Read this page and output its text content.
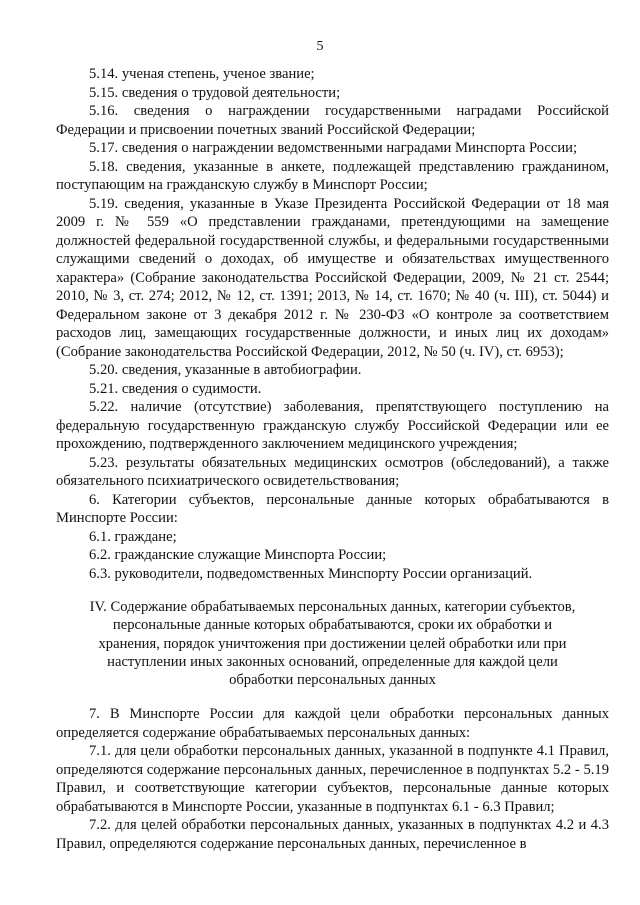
5

5.14. ученая степень, ученое звание;

5.15. сведения о трудовой деятельности;

5.16. сведения о награждении государственными наградами Российской Федерации и присвоении почетных званий Российской Федерации;

5.17. сведения о награждении ведомственными наградами Минспорта России;

5.18. сведения, указанные в анкете, подлежащей представлению гражданином, поступающим на гражданскую службу в Минспорт России;

5.19. сведения, указанные в Указе Президента Российской Федерации от 18 мая 2009 г. № 559 «О представлении гражданами, претендующими на замещение должностей федеральной государственной службы, и федеральными государственными служащими сведений о доходах, об имуществе и обязательствах имущественного характера» (Собрание законодательства Российской Федерации, 2009, № 21 ст. 2544; 2010, № 3, ст. 274; 2012, № 12, ст. 1391; 2013, № 14, ст. 1670; № 40 (ч. III), ст. 5044) и Федеральном законе от 3 декабря 2012 г. № 230-ФЗ «О контроле за соответствием расходов лиц, замещающих государственные должности, и иных лиц их доходам» (Собрание законодательства Российской Федерации, 2012, № 50 (ч. IV), ст. 6953);

5.20. сведения, указанные в автобиографии.

5.21. сведения о судимости.

5.22. наличие (отсутствие) заболевания, препятствующего поступлению на федеральную государственную гражданскую службу Российской Федерации или ее прохождению, подтвержденного заключением медицинского учреждения;

5.23. результаты обязательных медицинских осмотров (обследований), а также обязательного психиатрического освидетельствования;

6. Категории субъектов, персональные данные которых обрабатываются в Минспорте России:

6.1. граждане;

6.2. гражданские служащие Минспорта России;

6.3. руководители, подведомственных Минспорту России организаций.

IV. Содержание обрабатываемых персональных данных, категории субъектов, персональные данные которых обрабатываются, сроки их обработки и хранения, порядок уничтожения при достижении целей обработки или при наступлении иных законных оснований, определенные для каждой цели обработки персональных данных

7. В Минспорте России для каждой цели обработки персональных данных определяется содержание обрабатываемых персональных данных:

7.1. для цели обработки персональных данных, указанной в подпункте 4.1 Правил, определяются содержание персональных данных, перечисленное в подпунктах 5.2 - 5.19 Правил, и соответствующие категории субъектов, персональные данные которых обрабатываются в Минспорте России, указанные в подпунктах 6.1 - 6.3 Правил;

7.2. для целей обработки персональных данных, указанных в подпунктах 4.2 и 4.3 Правил, определяются содержание персональных данных, перечисленное в
